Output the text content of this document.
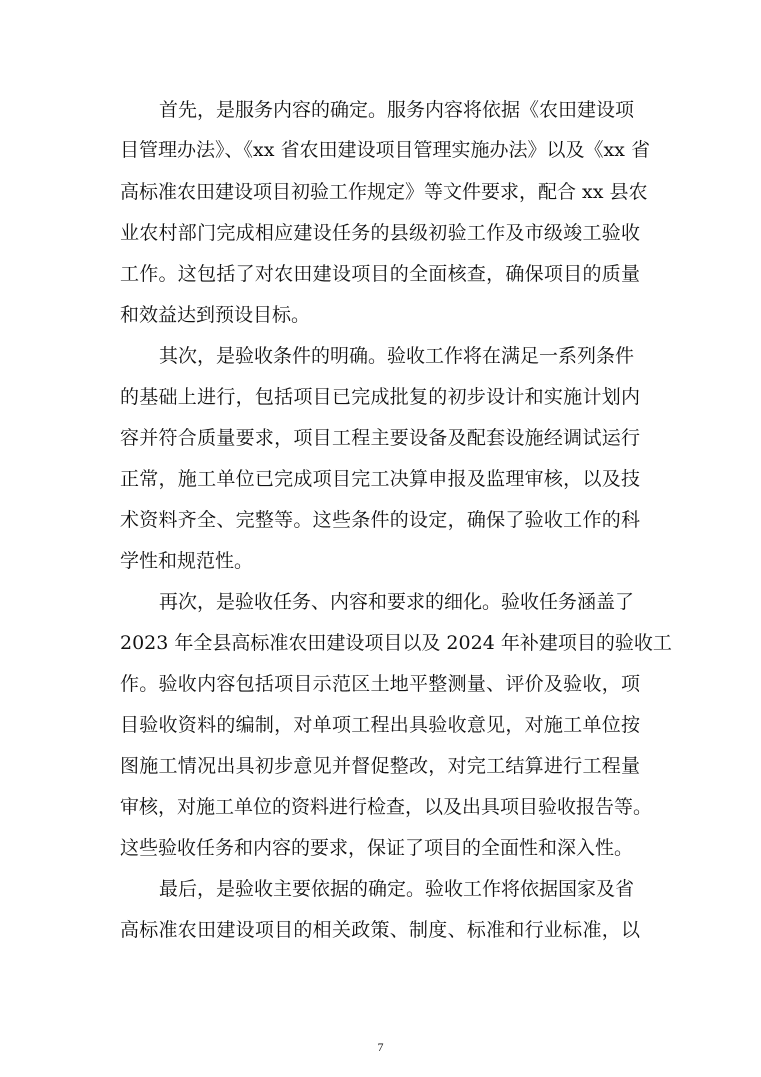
首先，是服务内容的确定。服务内容将依据《农田建设项
目管理办法》、《xx 省农田建设项目管理实施办法》以及《xx 省
高标准农田建设项目初验工作规定》等文件要求，配合 xx 县农
业农村部门完成相应建设任务的县级初验工作及市级竣工验收
工作。这包括了对农田建设项目的全面核查，确保项目的质量
和效益达到预设目标。
其次，是验收条件的明确。验收工作将在满足一系列条件
的基础上进行，包括项目已完成批复的初步设计和实施计划内
容并符合质量要求，项目工程主要设备及配套设施经调试运行
正常，施工单位已完成项目完工决算申报及监理审核，以及技
术资料齐全、完整等。这些条件的设定，确保了验收工作的科
学性和规范性。
再次，是验收任务、内容和要求的细化。验收任务涵盖了
2023 年全县高标准农田建设项目以及 2024 年补建项目的验收工
作。验收内容包括项目示范区土地平整测量、评价及验收，项
目验收资料的编制，对单项工程出具验收意见，对施工单位按
图施工情况出具初步意见并督促整改，对完工结算进行工程量
审核，对施工单位的资料进行检查，以及出具项目验收报告等。
这些验收任务和内容的要求，保证了项目的全面性和深入性。
最后，是验收主要依据的确定。验收工作将依据国家及省
高标准农田建设项目的相关政策、制度、标准和行业标准，以
7
